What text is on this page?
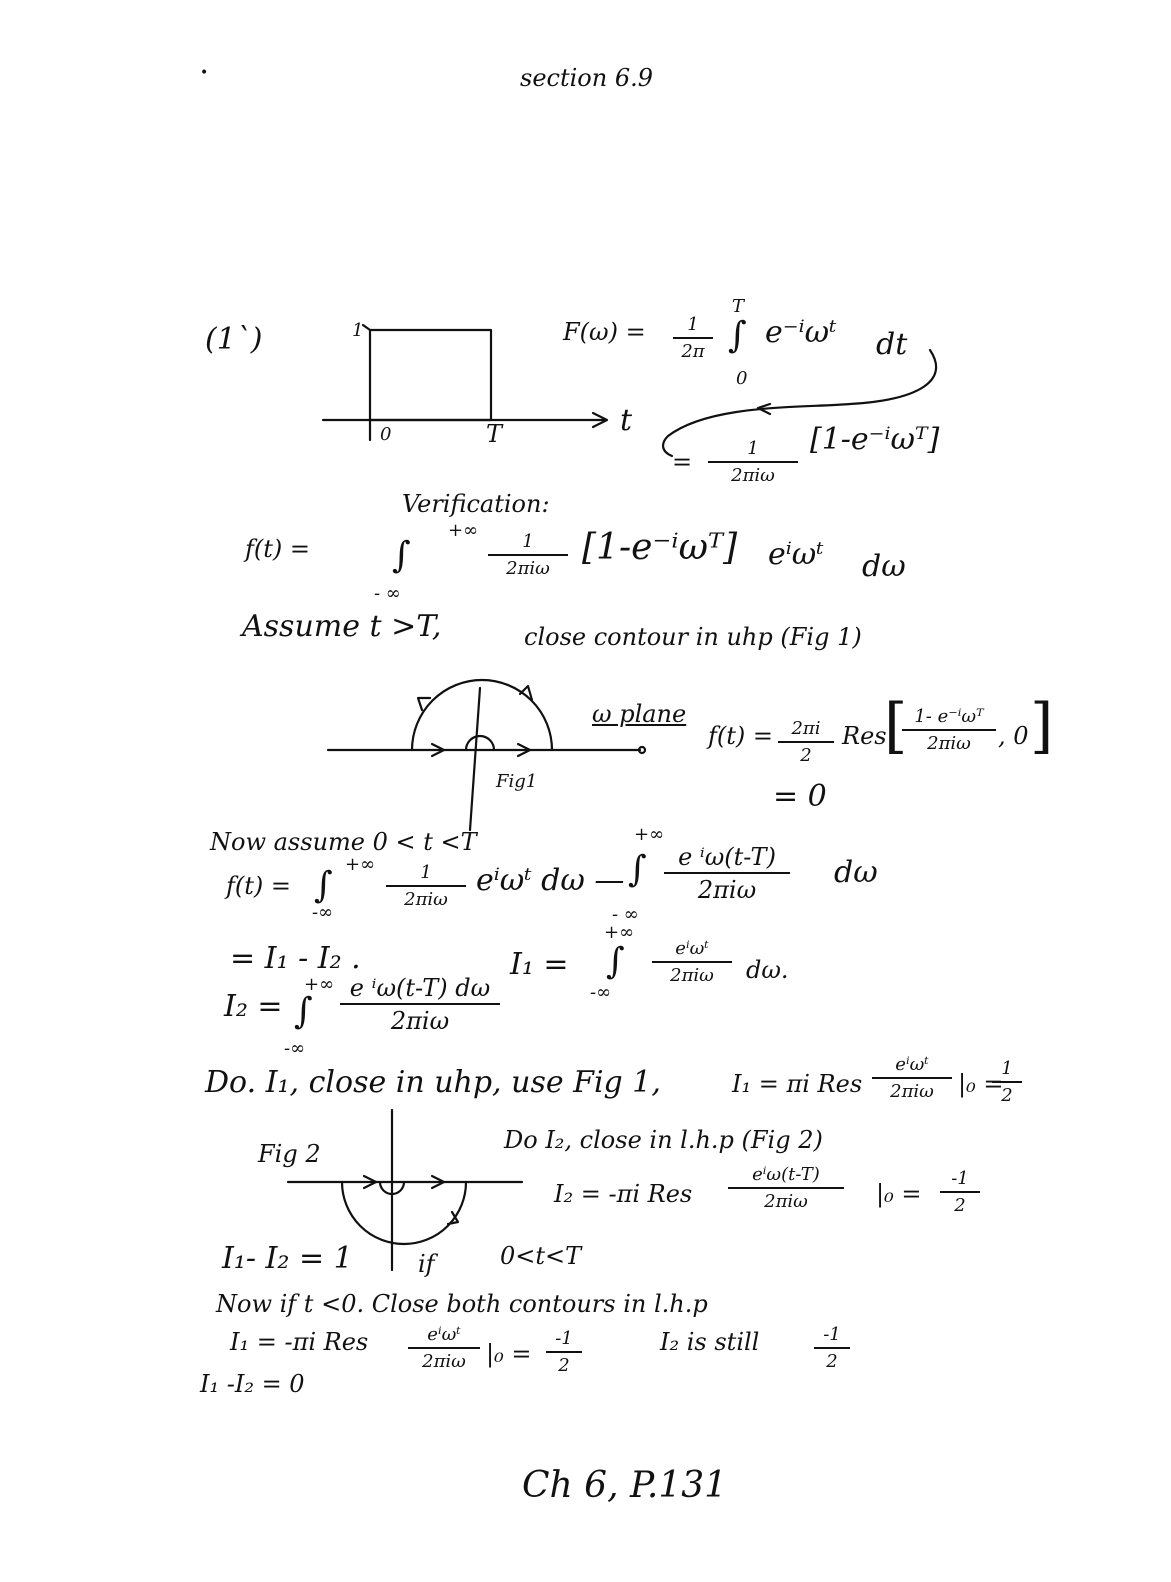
section 6.9
•
(1`)	1
0	T	t
$F(\omega) = \frac{1}{2\pi}$
T
∫
0
e⁻ⁱωᵗ dt
=	1
2πiω
[1-e⁻ⁱωᵀ]
Verification:
f(t) =
+∞
∫
- ∞
1
2πiω
[1-e⁻ⁱωᵀ] eⁱωᵗ dω
Assume t >T,	close contour in uhp (Fig 1)
ω plane
Fig1
$f(t) = \frac{2\pi i}{2}$ Res
[ 1- e⁻ⁱωᵀ
2πiω	, 0 ]
= 0
Now assume 0 < t <T
f(t) =
+∞
∫
-∞
1
2πiω
eⁱωᵗ dω —
+∞
∫
- ∞
e ⁱω(t-T)
2πiω	dω
= I₁ - I₂ .	I₁ =
+∞
∫
-∞
eⁱωᵗ
2πiω	dω.
I₂ =
+∞
∫
-∞
e ⁱω(t-T) dω
2πiω
Do. I₁, close in uhp, use Fig 1,	I₁ = πi Res
eⁱωᵗ
2πiω	|₀ =
$\frac{1}{2}$
Fig 2	Do I₂, close in l.h.p (Fig 2)
I₂ = -πi Res
eⁱω(t-T)
2πiω	$|_0 = \frac{-1}{2}$
I₁- I₂ = 1	if	0<t<T
Now if t <0. Close both contours in l.h.p
I₁ = -πi Res	eⁱωᵗ
2πiω $|_0 = \frac{-1}{2}$	I₂ is still	$\frac{-1}{2}$
I₁ -I₂ = 0
Ch 6, P.131
